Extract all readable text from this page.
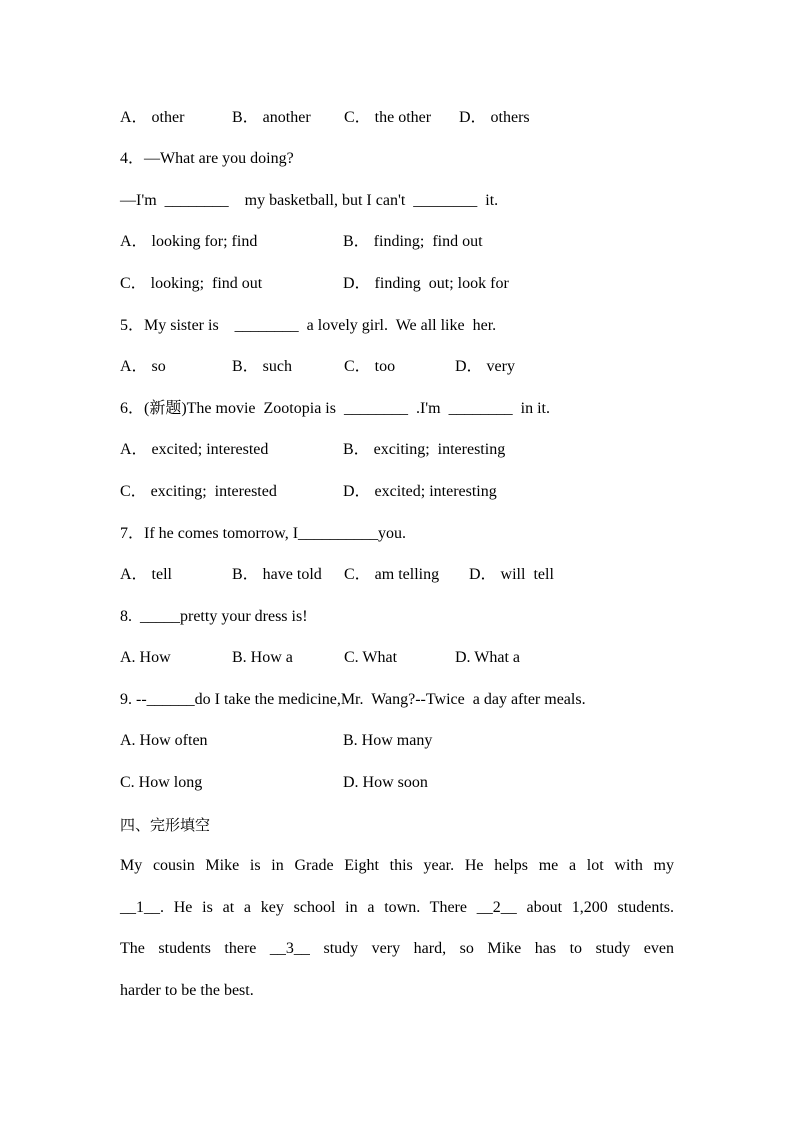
A． other	B． another C． the other D． others
4．—What are you doing?
—I'm  ________    my basketball, but I can't  ________  it.
A． looking for; find	B． finding;  find out
C． looking;  find out	D． finding  out; look for
5．My sister is    ________  a lovely girl.  We all like  her.
A． so	B． such	C． too	D． very
6．(新题)The movie  Zootopia is  ________  .I'm  ________  in it.
A． excited; interested	B． exciting;  interesting
C． exciting;  interested	D． excited; interesting
7．If he comes tomorrow, I__________you.
A． tell	B． have told C． am telling D． will  tell
8.  _____pretty your dress is!
A. How	B. How a	C. What	D. What a
9. --______do I take the medicine,Mr.  Wang?--Twice  a day after meals.
A. How often	B. How many
C. How long	D. How soon
四、完形填空
My cousin Mike is in Grade Eight this year. He helps me a lot with my
__1__. He is at a key school in a town. There __2__ about 1,200 students.
The students there __3__ study very hard, so Mike has to study even
harder to be the best.
